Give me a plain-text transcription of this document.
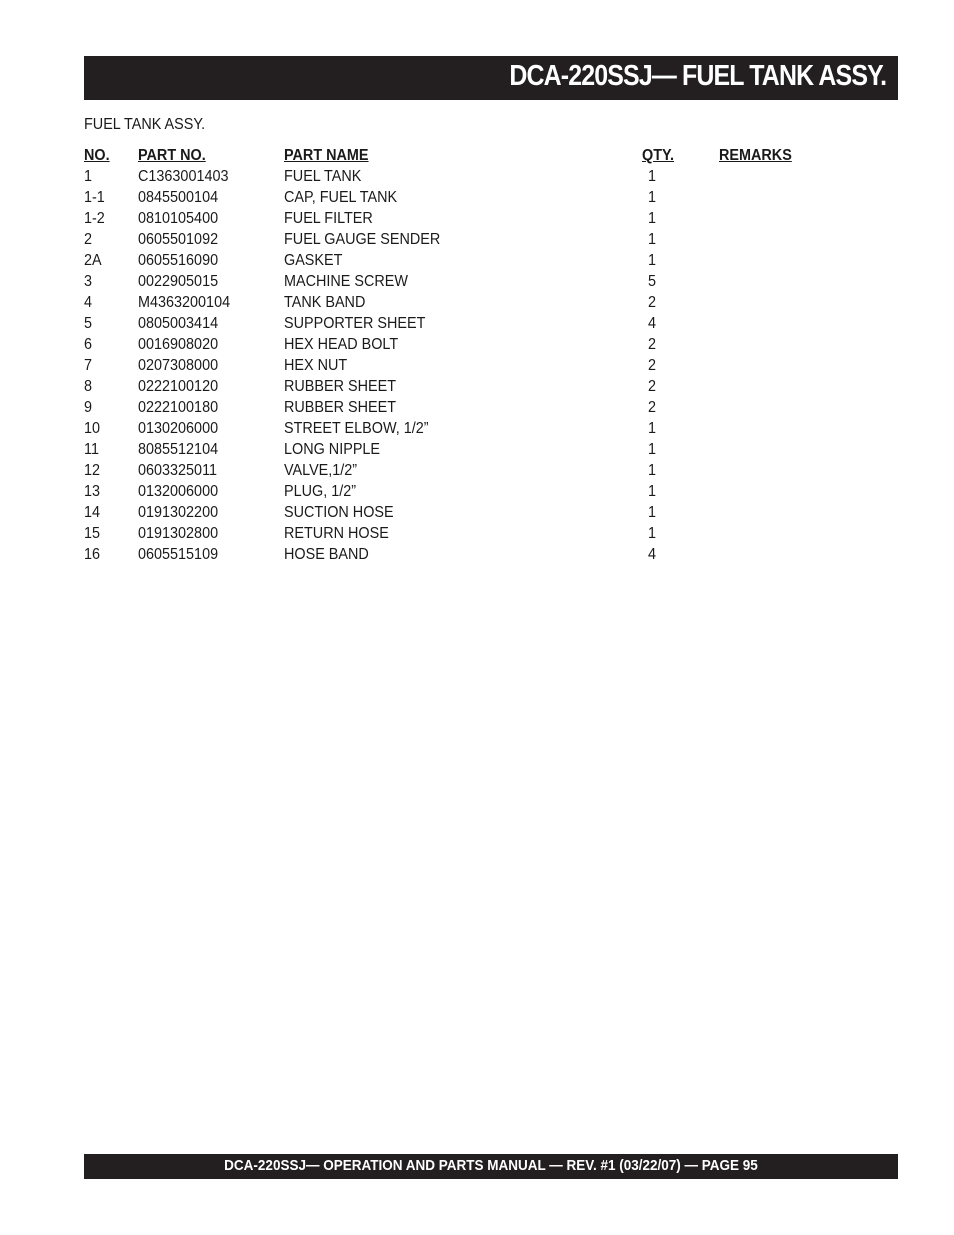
DCA-220SSJ— FUEL TANK ASSY.
FUEL TANK ASSY.
NO. PART NO.	PART NAME	QTY.	REMARKS
1	C1363001403	FUEL TANK	1
1-1 0845500104	CAP, FUEL TANK	1
1-2 0810105400	FUEL FILTER	1
2	0605501092	FUEL GAUGE SENDER	1
2A 0605516090	GASKET	1
3	0022905015	MACHINE SCREW	5
4	M4363200104	TANK BAND	2
5	0805003414	SUPPORTER SHEET	4
6	0016908020	HEX HEAD BOLT	2
7	0207308000	HEX NUT	2
8	0222100120	RUBBER SHEET	2
9	0222100180	RUBBER SHEET	2
10 0130206000	STREET ELBOW, 1/2”	1
11 8085512104	LONG NIPPLE	1
12 0603325011	VALVE,1/2”	1
13 0132006000	PLUG, 1/2”	1
14 0191302200	SUCTION HOSE	1
15 0191302800	RETURN HOSE	1
16 0605515109	HOSE BAND	4
DCA-220SSJ— OPERATION AND PARTS MANUAL — REV. #1 (03/22/07) — PAGE 95
